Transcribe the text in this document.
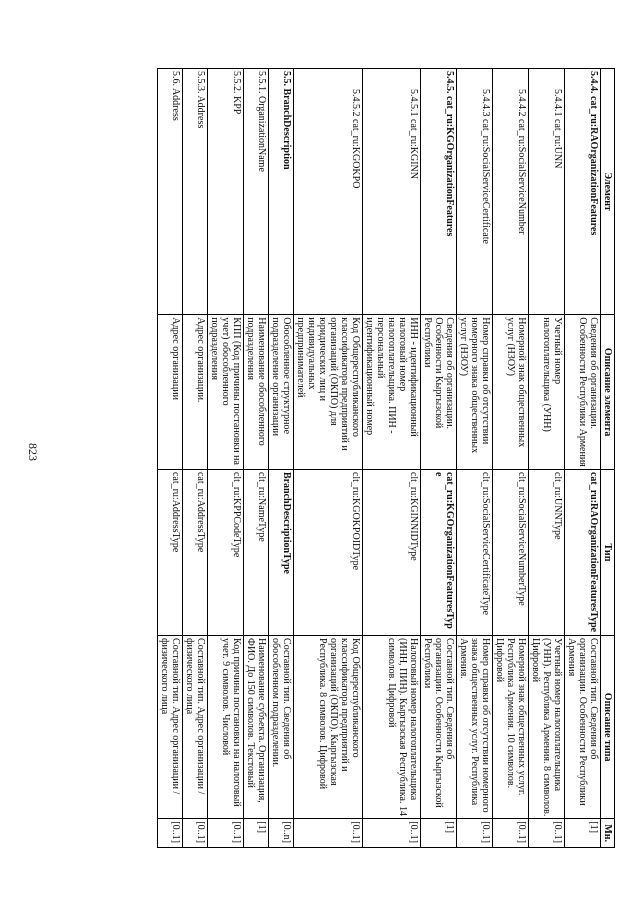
823
Элемент	Описание элемента	Тип	Описание типа	Мн.
5.4.4. cat_ru:RAOrganizationFeatures	Сведения об организации. Особенности Республики Армения	cat_ru:RAOrganizationFeaturesType	Составной тип. Сведения об организации. Особенности Республики Армения	[1]
5.4.4.1 cat_ru:UNN	Учетный номер налогоплательщика (УНН)	clt_ru:UNNType	Учетный номер налогоплательщика (УНН). Республика Армения. 8 символов. Цифровой	[0..1]
5.4.4.2 cat_ru:SocialServiceNumber	Номерной знак общественных услуг (НЗОУ)	clt_ru:SocialServiceNumberType	Номерной знак общественных услуг. Республика Армения. 10 символов. Цифровой	[0..1]
5.4.4.3 cat_ru:SocialServiceCertificate	Номер справки об отсутствии номерного знака общественных услуг (НЗОУ)	clt_ru:SocialServiceCertificateType	Номер справки об отсутствии номерного знака общественных услуг. Республика Армения.	[0..1]
5.4.5. cat_ru:KGOrganizationFeatures	Сведения об организации. Особенности Кыргызской Республики	cat_ru:KGOrganizationFeaturesType	Составной тип. Сведения об организации. Особенности Кыргызской Республики	[1]
5.4.5.1 cat_ru:KGINN	ИНН - идентификационный налоговый номер налогоплательщика. ПИН - персональный идентификационный номер	clt_ru:KGINNIDType	Налоговый номер налогоплательщика (ИНН, ПИН). Кыргызская Республика. 14 символов. Цифровой	[0..1]
5.4.5.2 cat_ru:KGOKPO	Код Общереспубликанского классификатора предприятий и организаций (ОКПО) для юридических лиц и индивидуальных предпринимателей	clt_ru:KGOKPOIDType	Код Общереспубликанского классификатора предприятий и организаций (ОКПО). Кыргызская Республика. 8 символов. Цифровой	[0..1]
5.5. BranchDescription	Обособленное структурное подразделение организации	BranchDescriptionType	Составной тип. Сведения об обособленном подразделении.	[0..n]
5.5.1. OrganizationName	Наименование обособленного подразделения	clt_ru:NameType	Наименование субъекта. Организация, ФИО. До 150 символов. Текстовый	[1]
5.5.2. KPP	КПП (Код причины постановки на учет) обособленного подразделения	clt_ru:KPPCodeType	Код причины постановки на налоговый учет. 9 символов. Числовой	[0..1]
5.5.3. Address	Адрес организации.	cat_ru:AddressType	Составной тип. Адрес организации / физического лица	[0..1]
5.6. Address	Адрес организации	cat_ru:AddressType	Составной тип. Адрес организации / физического лица	[0..1]
